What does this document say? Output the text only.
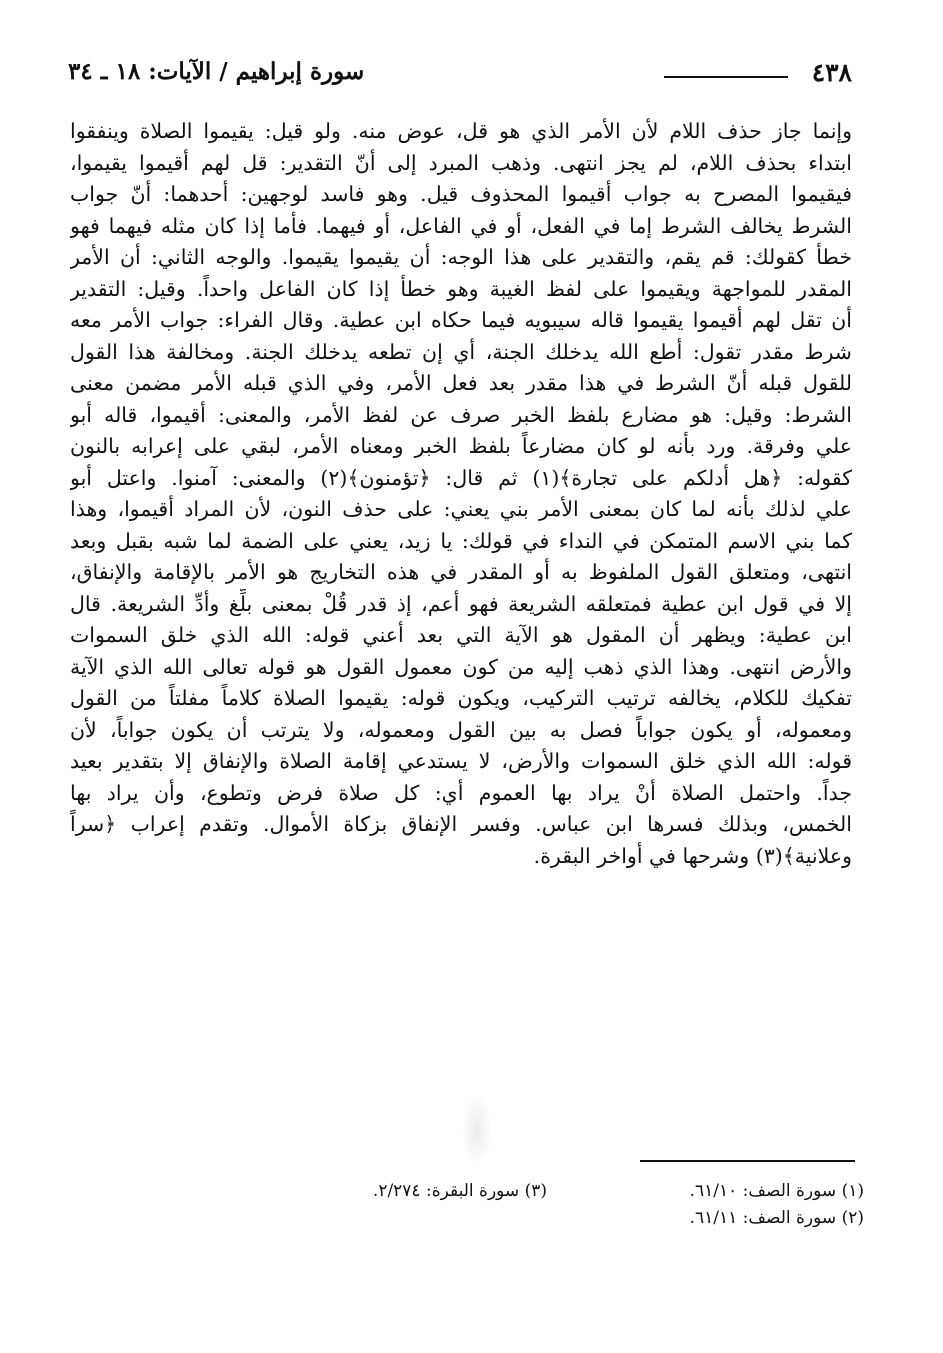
٤٣٨
سورة إبراهيم / الآيات: ١٨ ـ ٣٤
وإنما جاز حذف اللام لأن الأمر الذي هو قل، عوض منه. ولو قيل: يقيموا الصلاة وينفقوا
ابتداء بحذف اللام، لم يجز انتهى. وذهب المبرد إلى أنّ التقدير: قل لهم أقيموا يقيموا،
فيقيموا المصرح به جواب أقيموا المحذوف قيل. وهو فاسد لوجهين: أحدهما: أنّ جواب
الشرط يخالف الشرط إما في الفعل، أو في الفاعل، أو فيهما. فأما إذا كان مثله فيهما فهو
خطأ كقولك: قم يقم، والتقدير على هذا الوجه: أن يقيموا يقيموا. والوجه الثاني: أن الأمر
المقدر للمواجهة ويقيموا على لفظ الغيبة وهو خطأ إذا كان الفاعل واحداً. وقيل: التقدير
أن تقل لهم أقيموا يقيموا قاله سيبويه فيما حكاه ابن عطية. وقال الفراء: جواب الأمر معه
شرط مقدر تقول: أطع الله يدخلك الجنة، أي إن تطعه يدخلك الجنة. ومخالفة هذا القول
للقول قبله أنّ الشرط في هذا مقدر بعد فعل الأمر، وفي الذي قبله الأمر مضمن معنى
الشرط: وقيل: هو مضارع بلفظ الخبر صرف عن لفظ الأمر، والمعنى: أقيموا، قاله أبو
علي وفرقة. ورد بأنه لو كان مضارعاً بلفظ الخبر ومعناه الأمر، لبقي على إعرابه بالنون
كقوله: ﴿هل أدلكم على تجارة﴾(١) ثم قال: ﴿تؤمنون﴾(٢) والمعنى: آمنوا. واعتل أبو
علي لذلك بأنه لما كان بمعنى الأمر بني يعني: على حذف النون، لأن المراد أقيموا، وهذا
كما بني الاسم المتمكن في النداء في قولك: يا زيد، يعني على الضمة لما شبه بقبل وبعد
انتهى، ومتعلق القول الملفوظ به أو المقدر في هذه التخاريج هو الأمر بالإقامة والإنفاق،
إلا في قول ابن عطية فمتعلقه الشريعة فهو أعم، إذ قدر قُلْ بمعنى بلِّغ وأدِّ الشريعة. قال
ابن عطية: ويظهر أن المقول هو الآية التي بعد أعني قوله: الله الذي خلق السموات
والأرض انتهى. وهذا الذي ذهب إليه من كون معمول القول هو قوله تعالى الله الذي الآية
تفكيك للكلام، يخالفه ترتيب التركيب، ويكون قوله: يقيموا الصلاة كلاماً مفلتاً من القول
ومعموله، أو يكون جواباً فصل به بين القول ومعموله، ولا يترتب أن يكون جواباً، لأن
قوله: الله الذي خلق السموات والأرض، لا يستدعي إقامة الصلاة والإنفاق إلا بتقدير بعيد
جداً. واحتمل الصلاة أنْ يراد بها العموم أي: كل صلاة فرض وتطوع، وأن يراد بها
الخمس، وبذلك فسرها ابن عباس. وفسر الإنفاق بزكاة الأموال. وتقدم إعراب ﴿سراً
وعلانية﴾(٣) وشرحها في أواخر البقرة.
(١) سورة الصف: ٦١/١٠.
(٣) سورة البقرة: ٢/٢٧٤.
(٢) سورة الصف: ٦١/١١.
